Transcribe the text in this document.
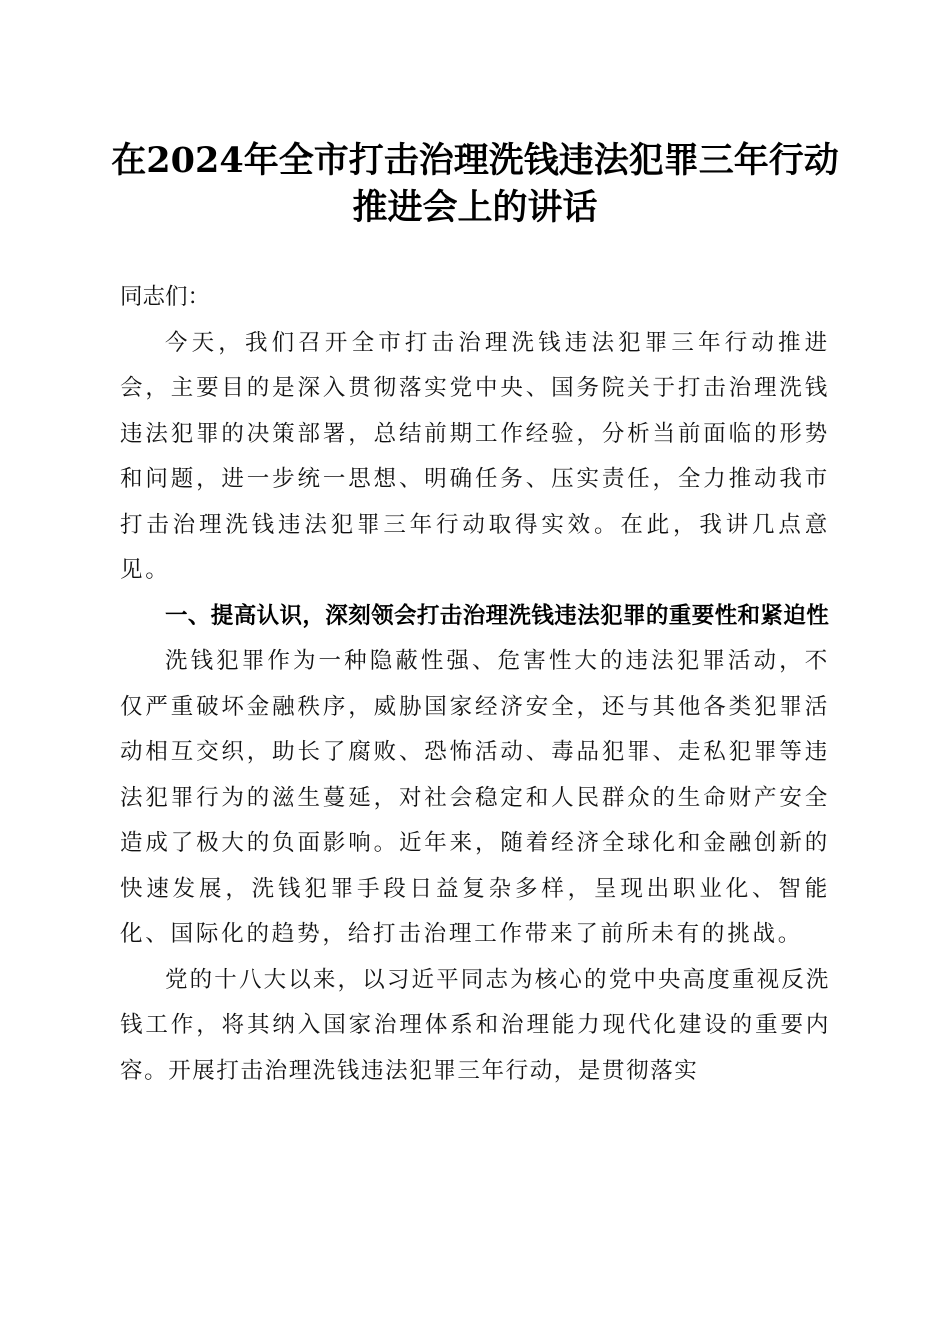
在2024年全市打击治理洗钱违法犯罪三年行动推进会上的讲话

同志们：

今天，我们召开全市打击治理洗钱违法犯罪三年行动推进会，主要目的是深入贯彻落实党中央、国务院关于打击治理洗钱违法犯罪的决策部署，总结前期工作经验，分析当前面临的形势和问题，进一步统一思想、明确任务、压实责任，全力推动我市打击治理洗钱违法犯罪三年行动取得实效。在此，我讲几点意见。

一、提高认识，深刻领会打击治理洗钱违法犯罪的重要性和紧迫性

洗钱犯罪作为一种隐蔽性强、危害性大的违法犯罪活动，不仅严重破坏金融秩序，威胁国家经济安全，还与其他各类犯罪活动相互交织，助长了腐败、恐怖活动、毒品犯罪、走私犯罪等违法犯罪行为的滋生蔓延，对社会稳定和人民群众的生命财产安全造成了极大的负面影响。近年来，随着经济全球化和金融创新的快速发展，洗钱犯罪手段日益复杂多样，呈现出职业化、智能化、国际化的趋势，给打击治理工作带来了前所未有的挑战。

党的十八大以来，以习近平同志为核心的党中央高度重视反洗钱工作，将其纳入国家治理体系和治理能力现代化建设的重要内容。开展打击治理洗钱违法犯罪三年行动，是贯彻落实
